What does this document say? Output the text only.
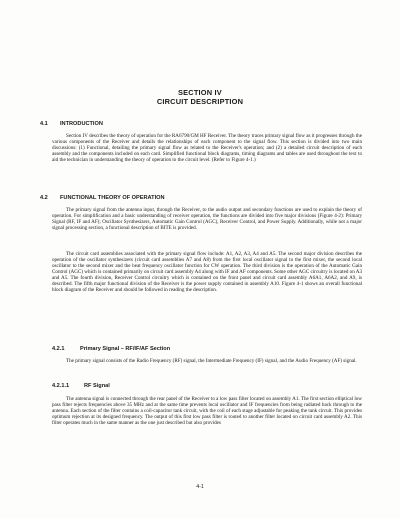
SECTION IV
CIRCUIT DESCRIPTION
4.1 INTRODUCTION
Section IV describes the theory of operation for the RA6790/GM HF Receiver. The theory traces primary signal flow as it progresses through the various components of the Receiver and details the relationships of each component to the signal flow. This section is divided into two main discussions: (1) Functional, detailing the primary signal flow as related to the Receiver's operation; and (2) a detailed circuit description of each assembly and the components included on each card. Simplified functional block diagrams, timing diagrams and tables are used throughout the text to aid the technician in understanding the theory of operation to the circuit level. (Refer to Figure 4-1.)
4.2 FUNCTIONAL THEORY OF OPERATION
The primary signal from the antenna input, through the Receiver, to the audio output and secondary functions are used to explain the theory of operation. For simplification and a basic understanding of receiver operation, the functions are divided into five major divisions (Figure 4-2): Primary Signal (RF, IF and AF); Oscillator Synthesizers, Automatic Gain Control (AGC), Receiver Control, and Power Supply. Additionally, while not a major signal processing section, a functional description of BITE is provided.
The circuit card assemblies associated with the primary signal flow include: A1, A2, A3, A4 and A5. The second major division describes the operation of the oscillator synthesizers (circuit card assemblies A7 and A8) from the first local oscillator signal to the first mixer, the second local oscillator to the second mixer and the beat frequency oscillator function for CW operation. The third division is the operation of the Automatic Gain Control (AGC) which is contained primarily on circuit card assembly A4 along with IF and AF components. Some other AGC circuitry is located on A3 and A5. The fourth division, Receiver Control circuitry which is contained on the front panel and circuit card assembly A6A1, A6A2, and A9, is described. The fifth major functional division of the Receiver is the power supply contained in assembly A10. Figure 4-1 shows an overall functional block diagram of the Receiver and should be followed in reading the description.
4.2.1	Primary Signal – RF/IF/AF Section
The primary signal consists of the Radio Frequency (RF) signal, the Intermediate Frequency (IF) signal, and the Audio Frequency (AF) signal.
4.2.1.1	RF Signal
The antenna signal is connected through the rear panel of the Receiver to a low pass filter located on assembly A1. The first section elliptical low pass filter rejects frequencies above 35 MHz and at the same time prevents local oscillator and IF frequencies from being radiated back through to the antenna. Each section of the filter contains a coil-capacitor tank circuit, with the coil of each stage adjustable for peaking the tank circuit. This provides optimum rejection at its designed frequency. The output of this first low pass filter is routed to another filter located on circuit card assembly A2. This filter operates much in the same manner as the one just described but also provides
4-1
